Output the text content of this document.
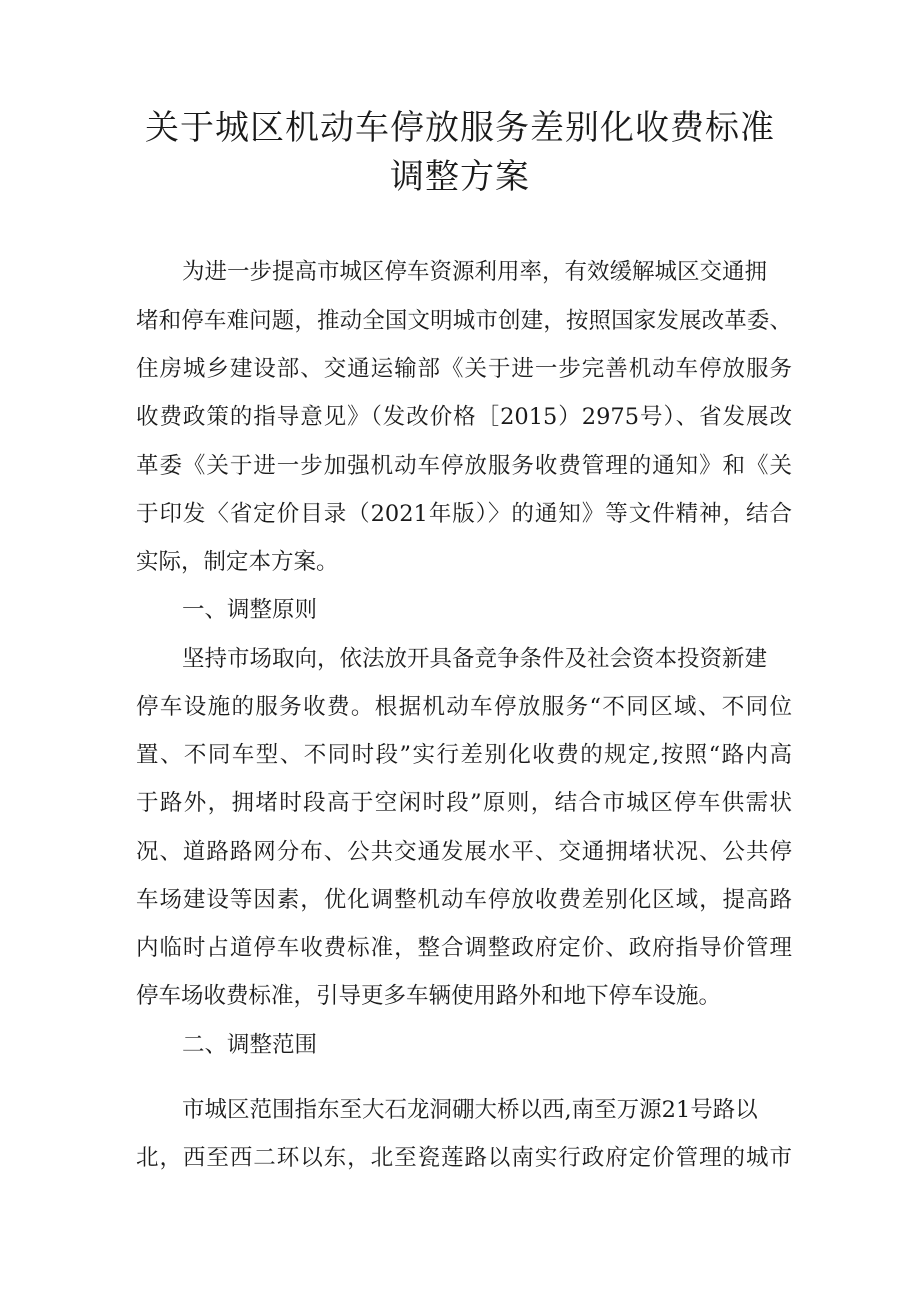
关于城区机动车停放服务差别化收费标准
调整方案
为进一步提高市城区停车资源利用率，有效缓解城区交通拥
堵和停车难问题，推动全国文明城市创建，按照国家发展改革委、
住房城乡建设部、交通运输部《关于进一步完善机动车停放服务
收费政策的指导意见》（发改价格［2015）2975号）、省发展改
革委《关于进一步加强机动车停放服务收费管理的通知》和《关
于印发〈省定价目录（2021年版）〉的通知》等文件精神，结合
实际，制定本方案。
一、调整原则
坚持市场取向，依法放开具备竞争条件及社会资本投资新建
停车设施的服务收费。根据机动车停放服务“不同区域、不同位
置、不同车型、不同时段”实行差别化收费的规定,按照“路内高
于路外，拥堵时段高于空闲时段”原则，结合市城区停车供需状
况、道路路网分布、公共交通发展水平、交通拥堵状况、公共停
车场建设等因素，优化调整机动车停放收费差别化区域，提高路
内临时占道停车收费标准，整合调整政府定价、政府指导价管理
停车场收费标准，引导更多车辆使用路外和地下停车设施。
二、调整范围
市城区范围指东至大石龙洞硼大桥以西,南至万源21号路以
北，西至西二环以东，北至瓷莲路以南实行政府定价管理的城市
